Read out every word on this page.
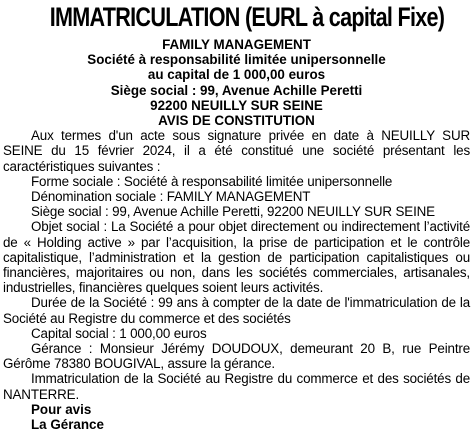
IMMATRICULATION (EURL à capital Fixe)
FAMILY MANAGEMENT
Société à responsabilité limitée unipersonnelle
au capital de 1 000,00 euros
Siège social : 99, Avenue Achille Peretti
92200 NEUILLY SUR SEINE
AVIS DE CONSTITUTION

Aux termes d'un acte sous signature privée en date à NEUILLY SUR SEINE du 15 février 2024, il a été constitué une société présentant les caractéristiques suivantes :

Forme sociale : Société à responsabilité limitée unipersonnelle

Dénomination sociale : FAMILY MANAGEMENT

Siège social : 99, Avenue Achille Peretti, 92200 NEUILLY SUR SEINE

Objet social : La Société a pour objet directement ou indirectement l’activité de « Holding active » par l’acquisition, la prise de participation et le contrôle capitalistique, l’administration et la gestion de participation capitalistiques ou financières, majoritaires ou non, dans les sociétés commerciales, artisanales, industrielles, financières quelques soient leurs activités.

Durée de la Société : 99 ans à compter de la date de l'immatriculation de la Société au Registre du commerce et des sociétés

Capital social : 1 000,00 euros

Gérance : Monsieur Jérémy DOUDOUX, demeurant 20 B, rue Peintre Gérôme 78380 BOUGIVAL, assure la gérance.

Immatriculation de la Société au Registre du commerce et des sociétés de NANTERRE.

Pour avis
La Gérance
